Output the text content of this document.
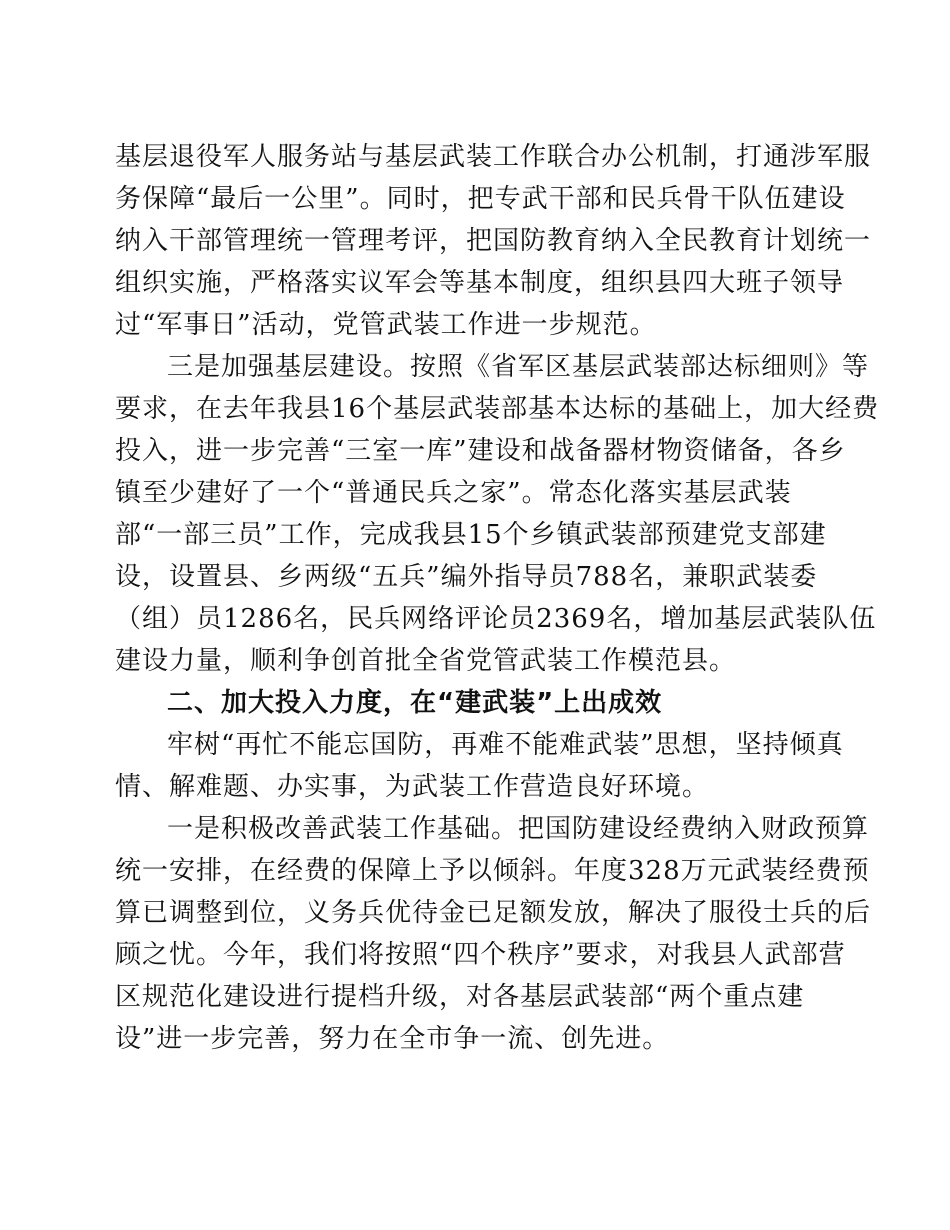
基层退役军人服务站与基层武装工作联合办公机制，打通涉军服
务保障“最后一公里”。同时，把专武干部和民兵骨干队伍建设
纳入干部管理统一管理考评，把国防教育纳入全民教育计划统一
组织实施，严格落实议军会等基本制度，组织县四大班子领导
过“军事日”活动，党管武装工作进一步规范。
三是加强基层建设。按照《省军区基层武装部达标细则》等
要求，在去年我县16个基层武装部基本达标的基础上，加大经费
投入，进一步完善“三室一库”建设和战备器材物资储备，各乡
镇至少建好了一个“普通民兵之家”。常态化落实基层武装
部“一部三员”工作，完成我县15个乡镇武装部预建党支部建
设，设置县、乡两级“五兵”编外指导员788名，兼职武装委
（组）员1286名，民兵网络评论员2369名，增加基层武装队伍
建设力量，顺利争创首批全省党管武装工作模范县。
二、加大投入力度，在“建武装”上出成效
牢树“再忙不能忘国防，再难不能难武装”思想，坚持倾真
情、解难题、办实事，为武装工作营造良好环境。
一是积极改善武装工作基础。把国防建设经费纳入财政预算
统一安排，在经费的保障上予以倾斜。年度328万元武装经费预
算已调整到位，义务兵优待金已足额发放，解决了服役士兵的后
顾之忧。今年，我们将按照“四个秩序”要求，对我县人武部营
区规范化建设进行提档升级，对各基层武装部“两个重点建
设”进一步完善，努力在全市争一流、创先进。
